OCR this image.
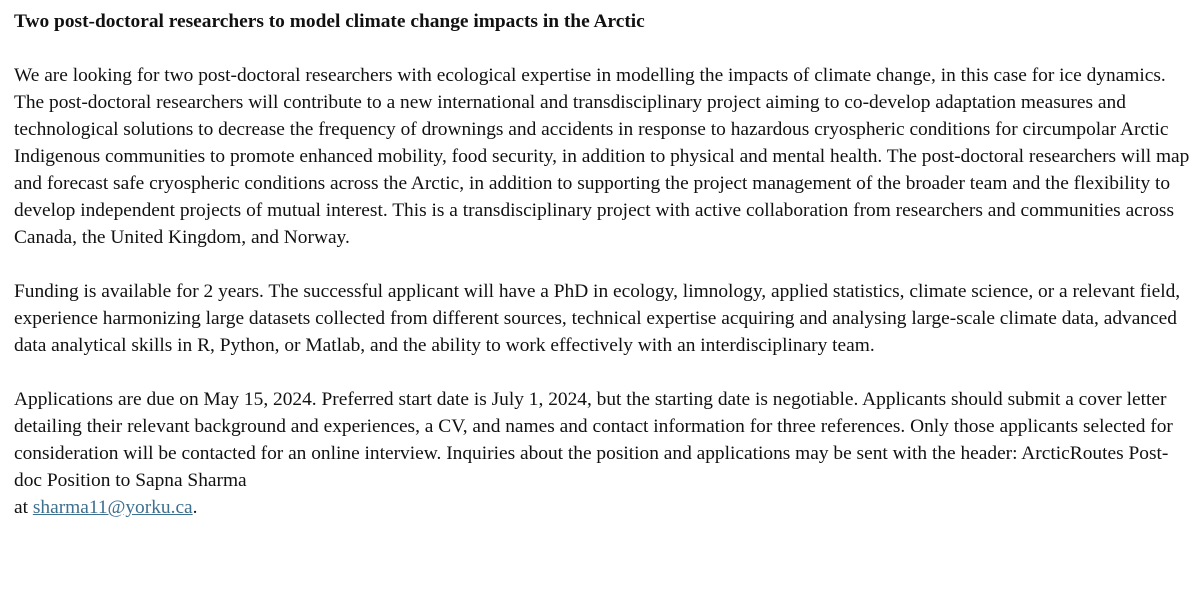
Two post-doctoral researchers to model climate change impacts in the Arctic
We are looking for two post-doctoral researchers with ecological expertise in modelling the impacts of climate change, in this case for ice dynamics. The post-doctoral researchers will contribute to a new international and transdisciplinary project aiming to co-develop adaptation measures and technological solutions to decrease the frequency of drownings and accidents in response to hazardous cryospheric conditions for circumpolar Arctic Indigenous communities to promote enhanced mobility, food security, in addition to physical and mental health. The post-doctoral researchers will map and forecast safe cryospheric conditions across the Arctic, in addition to supporting the project management of the broader team and the flexibility to develop independent projects of mutual interest. This is a transdisciplinary project with active collaboration from researchers and communities across Canada, the United Kingdom, and Norway.
Funding is available for 2 years. The successful applicant will have a PhD in ecology, limnology, applied statistics, climate science, or a relevant field, experience harmonizing large datasets collected from different sources, technical expertise acquiring and analysing large-scale climate data, advanced data analytical skills in R, Python, or Matlab, and the ability to work effectively with an interdisciplinary team.
Applications are due on May 15, 2024. Preferred start date is July 1, 2024, but the starting date is negotiable. Applicants should submit a cover letter detailing their relevant background and experiences, a CV, and names and contact information for three references. Only those applicants selected for consideration will be contacted for an online interview. Inquiries about the position and applications may be sent with the header: ArcticRoutes Post-doc Position to Sapna Sharma
at sharma11@yorku.ca.
